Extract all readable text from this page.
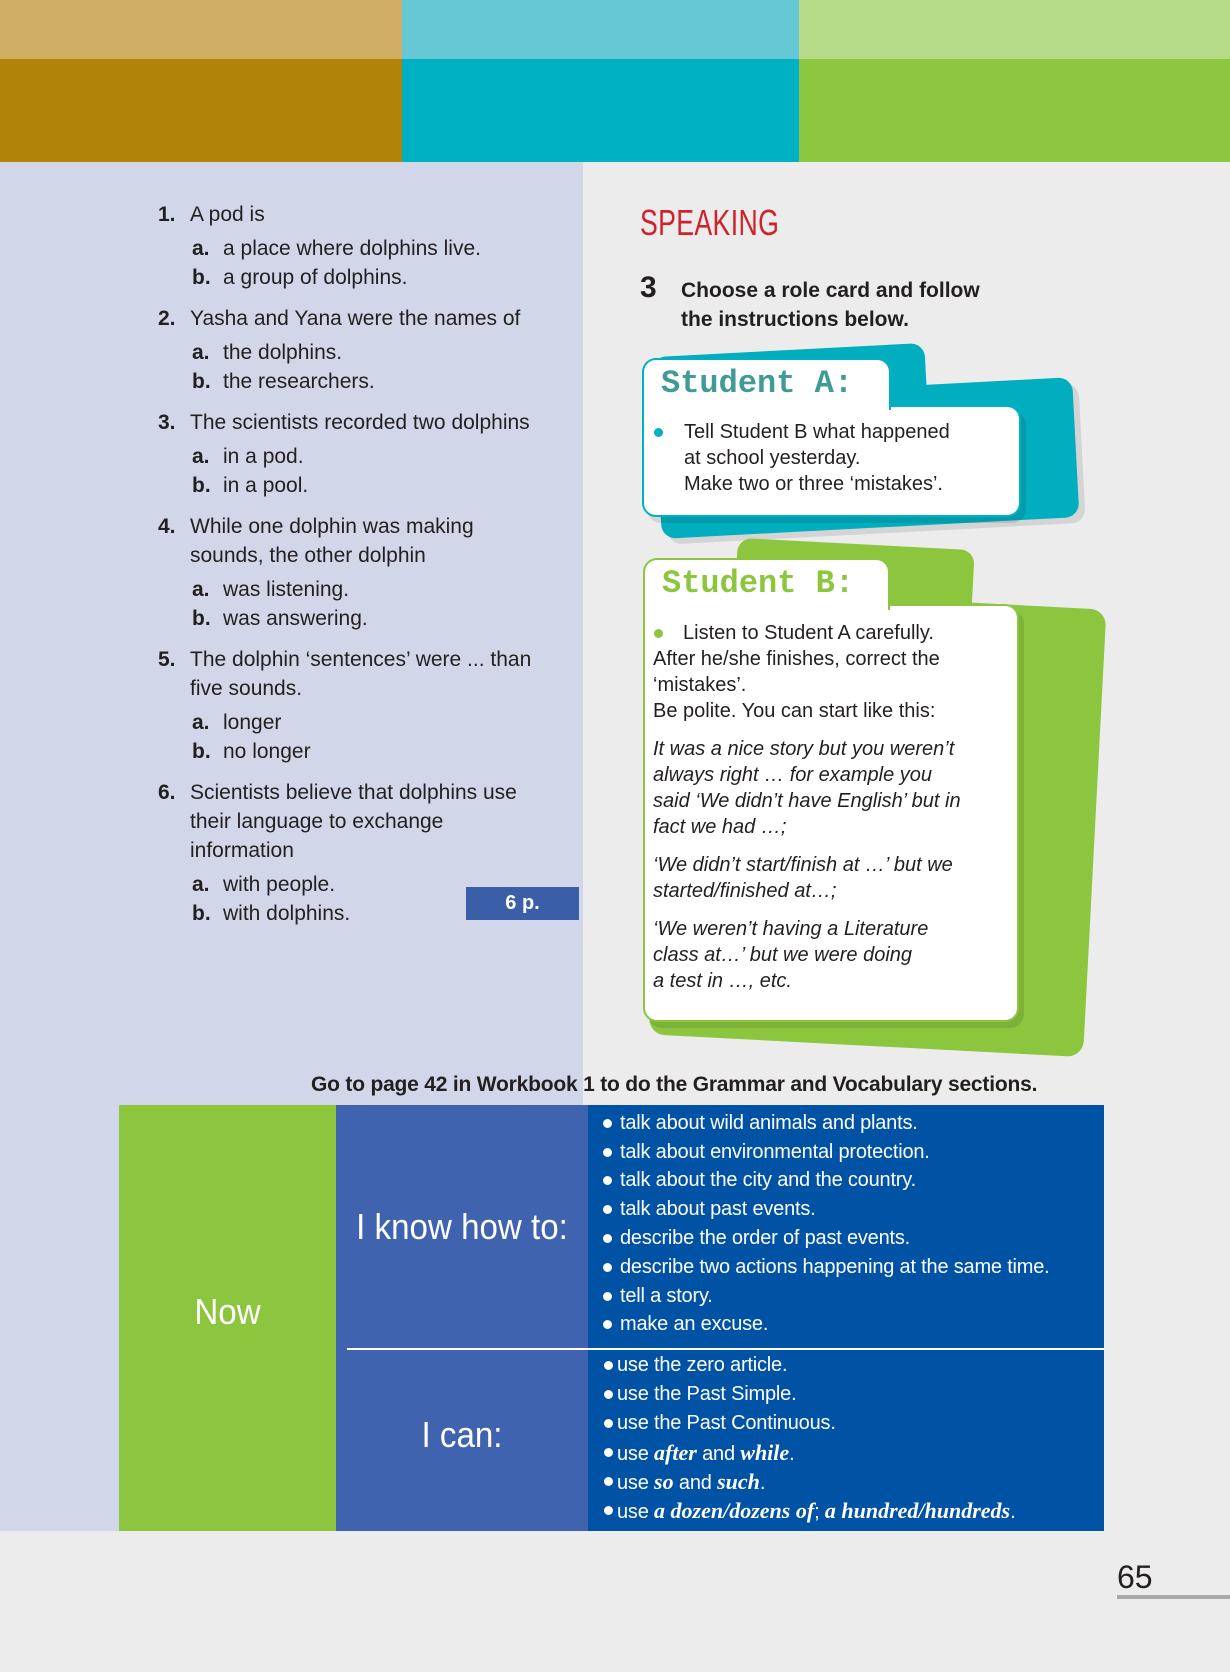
1. A pod is
a. a place where dolphins live.
b. a group of dolphins.
2. Yasha and Yana were the names of
a. the dolphins.
b. the researchers.
3. The scientists recorded two dolphins
a. in a pod.
b. in a pool.
4. While one dolphin was making
sounds, the other dolphin
a. was listening.
b. was answering.
5. The dolphin ‘sentences’ were ... than
five sounds.
a. longer
b. no longer
6. Scientists believe that dolphins use
their language to exchange
information
a. with people.
b. with dolphins.	6 p.
SPEAKING
3 Choose a role card and follow
the instructions below.
Student A:
Tell Student B what happened
at school yesterday.
Make two or three ‘mistakes’.
Student B:
Listen to Student A carefully.
After he/she finishes, correct the
‘mistakes’.
Be polite. You can start like this:
It was a nice story but you weren’t
always right … for example you
said ‘We didn’t have English’ but in
fact we had …;
‘We didn’t start/finish at …’ but we
started/finished at…;
‘We weren’t having a Literature
class at…’ but we were doing
a test in …, etc.
Go to page 42 in Workbook 1 to do the Grammar and Vocabulary sections.
Now
I know how to:
I can:
talk about wild animals and plants.
talk about environmental protection.
talk about the city and the country.
talk about past events.
describe the order of past events.
describe two actions happening at the same time.
tell a story.
make an excuse.
use the zero article.
use the Past Simple.
use the Past Continuous.
use after and while.
use so and such.
use a dozen/dozens of; a hundred/hundreds.
65
